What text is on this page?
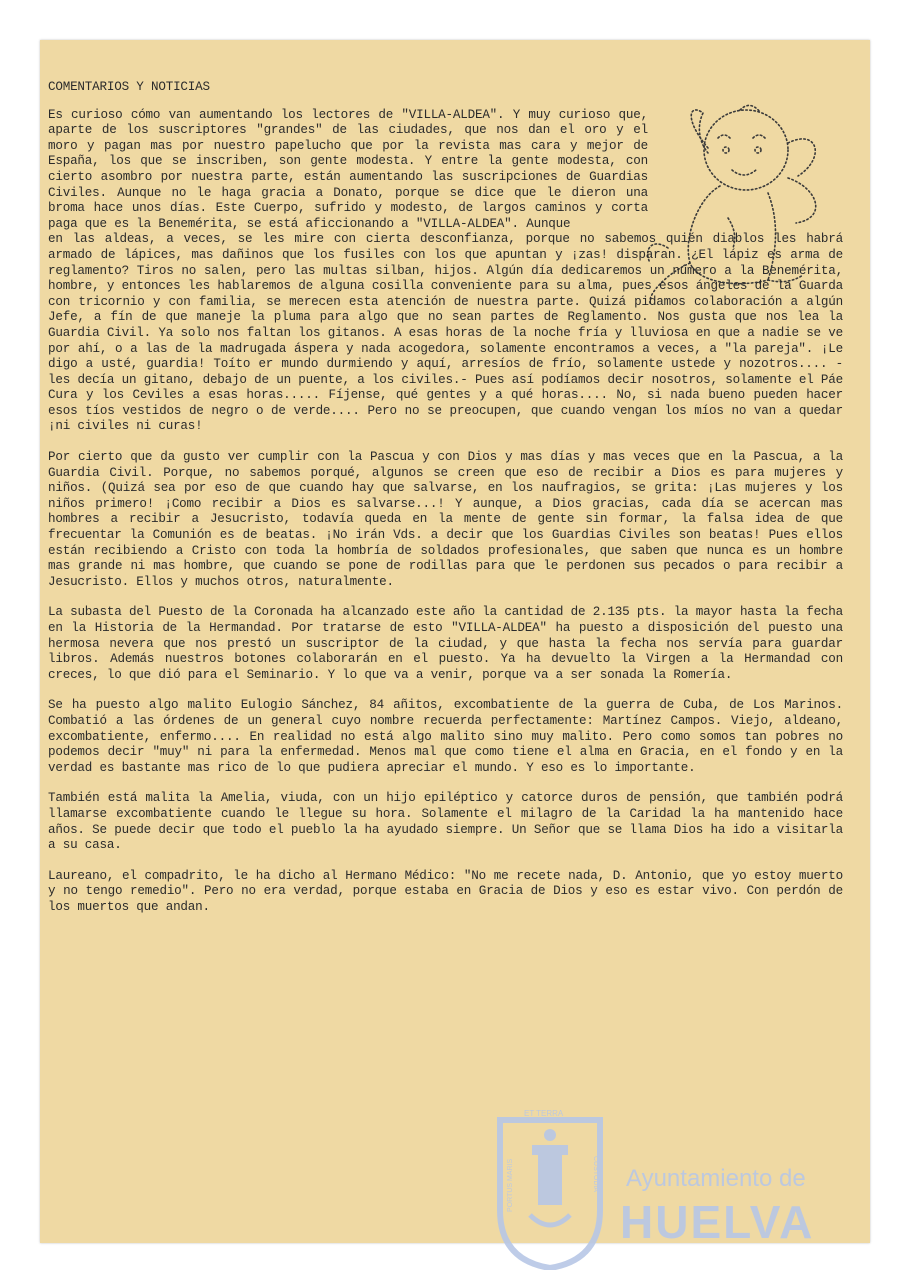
COMENTARIOS Y NOTICIAS

Es curioso cómo van aumentando los lectores de "VILLA-ALDEA". Y muy curioso que, aparte de los suscriptores "grandes" de las ciudades, que nos dan el oro y el moro y pagan mas por nuestro papelucho que por la revista mas cara y mejor de España, los que se inscriben, son gente modesta. Y entre la gente modesta, con cierto asombro por nuestra parte, están aumentando las suscripciones de Guardias Civiles. Aunque no le haga gracia a Donato, porque se dice que le dieron una broma hace unos días. Este Cuerpo, sufrido y modesto, de largos caminos y corta paga que es la Benemérita, se está aficcionando a "VILLA-ALDEA". Aunque

en las aldeas, a veces, se les mire con cierta desconfianza, porque no sabemos quién diablos les habrá armado de lápices, mas dañinos que los fusiles con los que apuntan y ¡zas! disparan. ¿El lápiz es arma de reglamento? Tiros no salen, pero las multas silban, hijos. Algún día dedicaremos un número a la Benemérita, hombre, y entonces les hablaremos de alguna cosilla conveniente para su alma, pues esos ángeles de la Guarda con tricornio y con familia, se merecen esta atención de nuestra parte. Quizá pidamos colaboración a algún Jefe, a fín de que maneje la pluma para algo que no sean partes de Reglamento. Nos gusta que nos lea la Guardia Civil. Ya solo nos faltan los gitanos. A esas horas de la noche fría y lluviosa en que a nadie se ve por ahí, o a las de la madrugada áspera y nada acogedora, solamente encontramos a veces, a "la pareja". ¡Le digo a usté, guardia! Toíto er mundo durmiendo y aquí, arresíos de frío, solamente ustede y nozotros.... -les decía un gitano, debajo de un puente, a los civiles.- Pues así podíamos decir nosotros, solamente el Páe Cura y los Ceviles a esas horas..... Fíjense, qué gentes y a qué horas.... No, si nada bueno pueden hacer esos tíos vestidos de negro o de verde.... Pero no se preocupen, que cuando vengan los míos no van a quedar ¡ni civiles ni curas!

Por cierto que da gusto ver cumplir con la Pascua y con Dios y mas días y mas veces que en la Pascua, a la Guardia Civil. Porque, no sabemos porqué, algunos se creen que eso de recibir a Dios es para mujeres y niños. (Quizá sea por eso de que cuando hay que salvarse, en los naufragios, se grita: ¡Las mujeres y los niños primero! ¡Como recibir a Dios es salvarse...! Y aunque, a Dios gracias, cada día se acercan mas hombres a recibir a Jesucristo, todavía queda en la mente de gente sin formar, la falsa idea de que frecuentar la Comunión es de beatas. ¡No irán Vds. a decir que los Guardias Civiles son beatas! Pues ellos están recibiendo a Cristo con toda la hombría de soldados profesionales, que saben que nunca es un hombre mas grande ni mas hombre, que cuando se pone de rodillas para que le perdonen sus pecados o para recibir a Jesucristo. Ellos y muchos otros, naturalmente.

La subasta del Puesto de la Coronada ha alcanzado este año la cantidad de 2.135 pts. la mayor hasta la fecha en la Historia de la Hermandad. Por tratarse de esto "VILLA-ALDEA" ha puesto a disposición del puesto una hermosa nevera que nos prestó un suscriptor de la ciudad, y que hasta la fecha nos servía para guardar libros. Además nuestros botones colaborarán en el puesto. Ya ha devuelto la Virgen a la Hermandad con creces, lo que dió para el Seminario. Y lo que va a venir, porque va a ser sonada la Romería.

Se ha puesto algo malito Eulogio Sánchez, 84 añitos, excombatiente de la guerra de Cuba, de Los Marinos. Combatió a las órdenes de un general cuyo nombre recuerda perfectamente: Martínez Campos. Viejo, aldeano, excombatiente, enfermo.... En realidad no está algo malito sino muy malito. Pero como somos tan pobres no podemos decir "muy" ni para la enfermedad. Menos mal que como tiene el alma en Gracia, en el fondo y en la verdad es bastante mas rico de lo que pudiera apreciar el mundo. Y eso es lo importante.

También está malita la Amelia, viuda, con un hijo epiléptico y catorce duros de pensión, que también podrá llamarse excombatiente cuando le llegue su hora. Solamente el milagro de la Caridad la ha mantenido hace años. Se puede decir que todo el pueblo la ha ayudado siempre. Un Señor que se llama Dios ha ido a visitarla a su casa.

Laureano, el compadrito, le ha dicho al Hermano Médico: "No me recete nada, D. Antonio, que yo estoy muerto y no tengo remedio". Pero no era verdad, porque estaba en Gracia de Dios y eso es estar vivo. Con perdón de los muertos que andan.

Ayuntamiento de
HUELVA
ET TERRA
PORTUS MARIS	CUSTODIA
